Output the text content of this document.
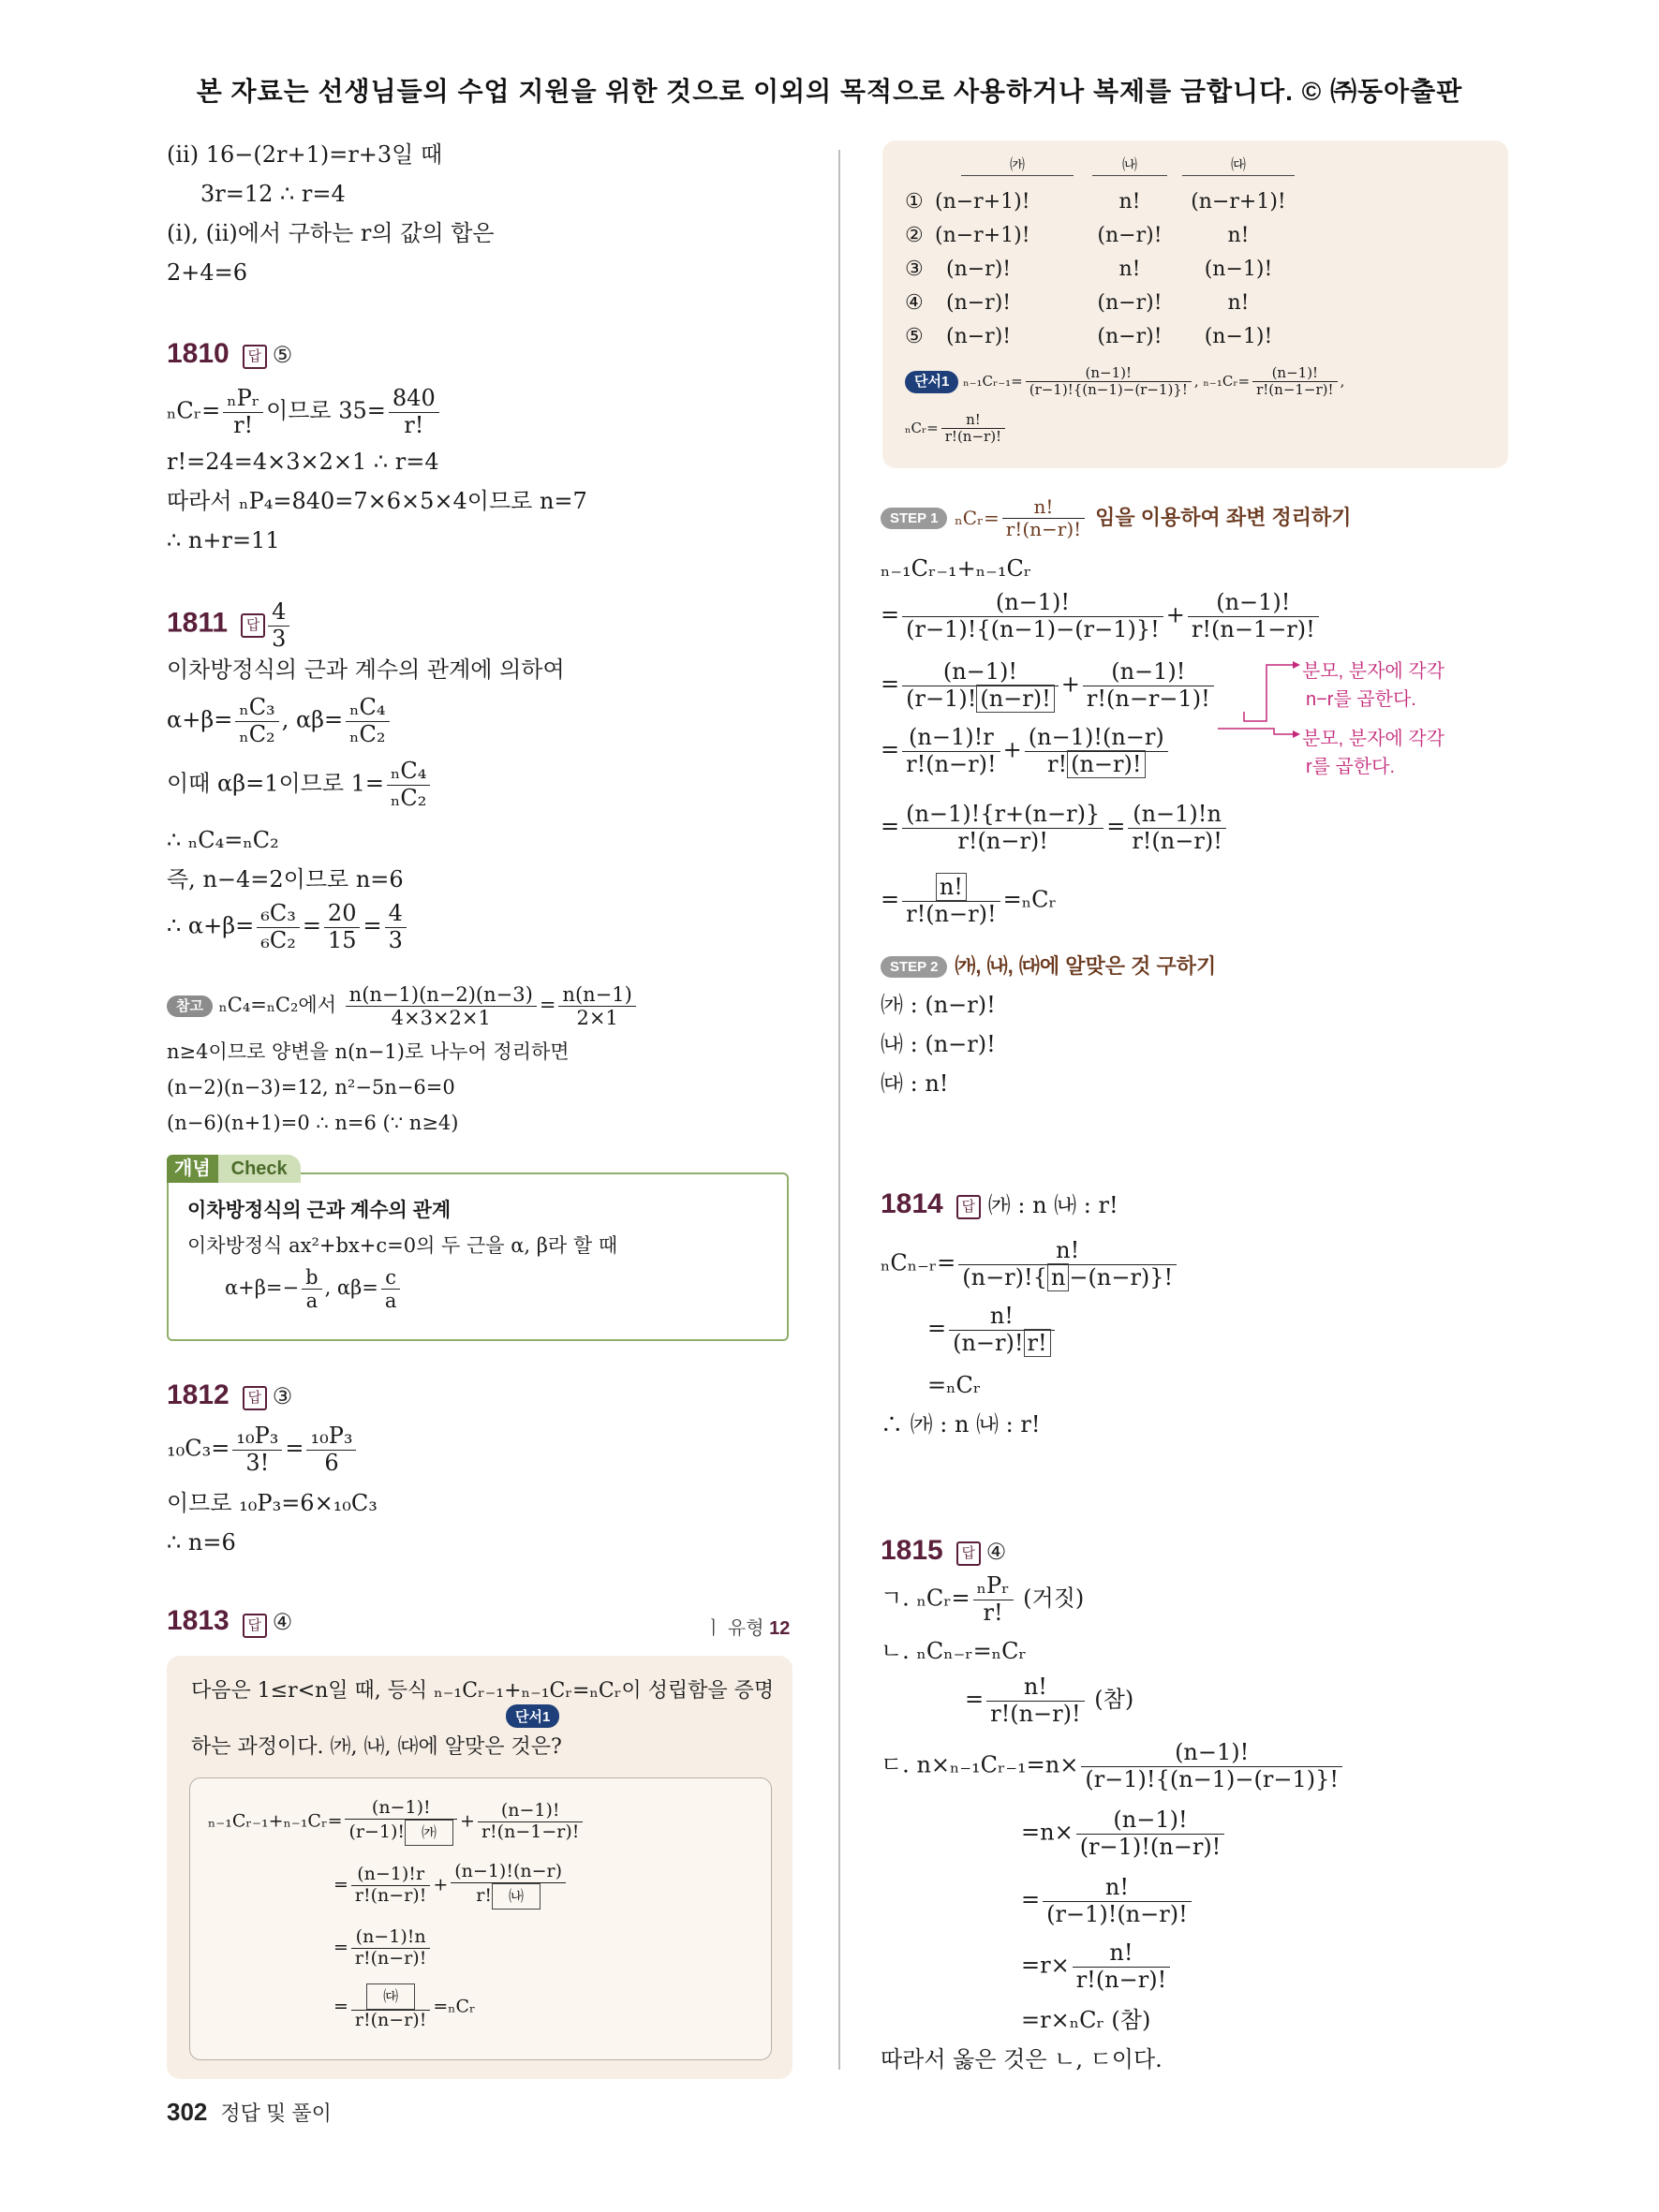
본 자료는 선생님들의 수업 지원을 위한 것으로 이외의 목적으로 사용하거나 복제를 금합니다. © ㈜동아출판
(ii) 16−(2r+1)=r+3일 때
3r=12 ∴ r=4
(i), (ii)에서 구하는 r의 값의 합은
2+4=6
1810 답 ⑤
ₙCᵣ= $\frac{\text{ₙPᵣ}}{r!}$ 이므로 $35= \frac{840}{r!}$
r!=24=4×3×2×1 ∴ r=4
따라서 ₙP₄=840=7×6×5×4이므로 n=7
∴ n+r=11
1811 답 $\frac{4}{3}$
이차방정식의 근과 계수의 관계에 의하여
$\alpha+\beta= \frac{\text{ₙC₃}}{\text{ₙC₂}}$ , $\alpha\beta= \frac{\text{ₙC₄}}{\text{ₙC₂}}$
이때 αβ=1이므로 $1= \frac{\text{ₙC₄}}{\text{ₙC₂}}$
∴ ₙC₄=ₙC₂
즉, n−4=2이므로 n=6
∴ $\alpha+\beta= \frac{\text{₆C₃}}{\text{₆C₂}} = \frac{20}{15} = \frac{4}{3}$
참고 ₙC₄=ₙC₂에서 $\frac{n(n-1)(n-2)(n-3)}{4\times 3\times 2\times 1} = \frac{n(n-1)}{2\times 1}$
n≥4이므로 양변을 n(n−1)로 나누어 정리하면
(n−2)(n−3)=12, n²−5n−6=0
(n−6)(n+1)=0 ∴ n=6 (∵ n≥4)
개념 Check
이차방정식의 근과 계수의 관계
이차방정식 ax²+bx+c=0의 두 근을 α, β라 할 때
$\alpha+\beta=- \frac{b}{a}$ , $\alpha\beta= \frac{c}{a}$
1812 답 ③
$_{10}C_3= \frac{\text{₁₀P₃}}{3!} = \frac{\text{₁₀P₃}}{6}$
이므로 ₁₀P₃=6×₁₀C₃
∴ n=6
1813 답 ④	ㅣ 유형 12
다음은 1≤r<n일 때, 등식 ₙ₋₁Cᵣ₋₁+ₙ₋₁Cᵣ=ₙCᵣ이 성립함을 증명
단서1
하는 과정이다. ㈎, ㈏, ㈐에 알맞은 것은?
ₙ₋₁Cᵣ₋₁+ₙ₋₁Cᵣ= $\frac{(n-1)!}{(r-1)! ㈎} + \frac{(n-1)!}{r!(n-1-r)!}$
= $\frac{(n-1)!r}{r!(n-r)!} + \frac{(n-1)!(n-r)}{r! ㈏}$
= $\frac{(n-1)!n}{r!(n-r)!}$
= $\frac{㈐}{r!(n-r)!}$ =ₙCᵣ
㈎	㈏	㈐
① (n−r+1)!	n!	(n−r+1)!
② (n−r+1)!	(n−r)!	n!
③ (n−r)!	n!	(n−1)!
④ (n−r)!	(n−r)!	n!
⑤ (n−r)!	(n−r)!	(n−1)!
단서1 ₙ₋₁Cᵣ₋₁= $\frac{(n-1)!}{(r-1)!\{(n-1)-(r-1)\}!}$ , ₙ₋₁Cᵣ= $\frac{(n-1)!}{r!(n-1-r)!}$ ,
ₙCᵣ= $\frac{n!}{r!(n-r)!}$
STEP 1 ₙCᵣ= $\frac{n!}{r!(n-r)!}$ 임을 이용하여 좌변 정리하기
ₙ₋₁Cᵣ₋₁+ₙ₋₁Cᵣ
= $\frac{(n-1)!}{(r-1)!\{(n-1)-(r-1)\}!} + \frac{(n-1)!}{r!(n-1-r)!}$
= $\frac{(n-1)!}{(r-1)! (n-r)!} + \frac{(n-1)!}{r!(n-r-1)!}$
= $\frac{(n-1)!r}{r!(n-r)!} + \frac{(n-1)!(n-r)}{r! (n-r)!}$
= $\frac{(n-1)!\{r+(n-r)\}}{r!(n-r)!} = \frac{(n-1)!n}{r!(n-r)!}$
= $\frac{n!}{r!(n-r)!}$ =ₙCᵣ
분모, 분자에 각각
n−r를 곱한다.
분모, 분자에 각각
r를 곱한다.
STEP 2 ㈎, ㈏, ㈐에 알맞은 것 구하기
㈎ : (n−r)!
㈏ : (n−r)!
㈐ : n!
1814 답 ㈎ : n ㈏ : r!
ₙCₙ₋ᵣ= $\frac{n!}{(n-r)!\{ n -(n-r)\}!}$
= $\frac{n!}{(n-r)! r!}$
=ₙCᵣ
∴ ㈎ : n ㈏ : r!
1815 답 ④
ㄱ. ₙCᵣ= $\frac{\text{ₙPᵣ}}{r!}$ (거짓)
ㄴ. ₙCₙ₋ᵣ=ₙCᵣ
= $\frac{n!}{r!(n-r)!}$ (참)
ㄷ. n×ₙ₋₁Cᵣ₋₁=n× $\frac{(n-1)!}{(r-1)!\{(n-1)-(r-1)\}!}$
$=n\times \frac{(n-1)!}{(r-1)!(n-r)!}$
= $\frac{n!}{(r-1)!(n-r)!}$
$=r\times \frac{n!}{r!(n-r)!}$
=r×ₙCᵣ (참)
따라서 옳은 것은 ㄴ, ㄷ이다.
302 정답 및 풀이
